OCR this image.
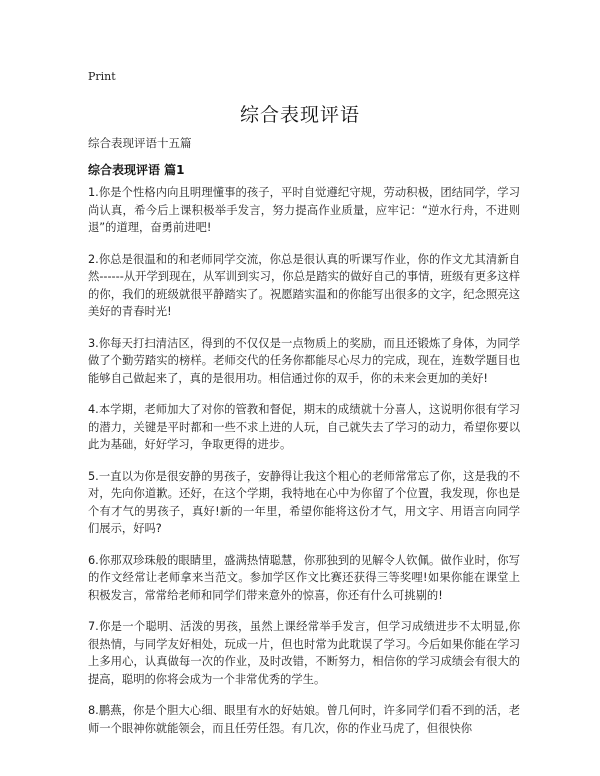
Print
综合表现评语
综合表现评语十五篇
综合表现评语 篇1

1.你是个性格内向且明理懂事的孩子，平时自觉遵纪守规，劳动积极，团结同学，学习尚认真，希今后上课积极举手发言，努力提高作业质量，应牢记：“逆水行舟，不进则退”的道理，奋勇前进吧!

2.你总是很温和的和老师同学交流，你总是很认真的听课写作业，你的作文尤其清新自然------从开学到现在，从军训到实习，你总是踏实的做好自己的事情，班级有更多这样的你，我们的班级就很平静踏实了。祝愿踏实温和的你能写出很多的文字，纪念照亮这美好的青春时光!

3.你每天打扫清洁区，得到的不仅仅是一点物质上的奖励，而且还锻炼了身体，为同学做了个勤劳踏实的榜样。老师交代的任务你都能尽心尽力的完成，现在，连数学题目也能够自己做起来了，真的是很用功。相信通过你的双手，你的未来会更加的美好!

4.本学期，老师加大了对你的管教和督促，期末的成绩就十分喜人，这说明你很有学习的潜力，关键是平时都和一些不求上进的人玩，自己就失去了学习的动力，希望你要以此为基础，好好学习，争取更得的进步。

5.一直以为你是很安静的男孩子，安静得让我这个粗心的老师常常忘了你，这是我的不对，先向你道歉。还好，在这个学期，我特地在心中为你留了个位置，我发现，你也是个有才气的男孩子，真好!新的一年里，希望你能将这份才气，用文字、用语言向同学们展示，好吗?

6.你那双珍珠般的眼睛里，盛满热情聪慧，你那独到的见解令人钦佩。做作业时，你写的作文经常让老师拿来当范文。参加学区作文比赛还获得三等奖哩!如果你能在课堂上积极发言，常常给老师和同学们带来意外的惊喜，你还有什么可挑剔的!

7.你是一个聪明、活泼的男孩，虽然上课经常举手发言，但学习成绩进步不太明显,你很热情，与同学友好相处，玩成一片，但也时常为此耽误了学习。今后如果你能在学习上多用心，认真做每一次的作业，及时改错，不断努力，相信你的学习成绩会有很大的提高，聪明的你将会成为一个非常优秀的学生。

8.鹏燕，你是个胆大心细、眼里有水的好姑娘。曾几何时，许多同学们看不到的活，老师一个眼神你就能领会，而且任劳任怨。有几次，你的作业马虎了，但很快你
